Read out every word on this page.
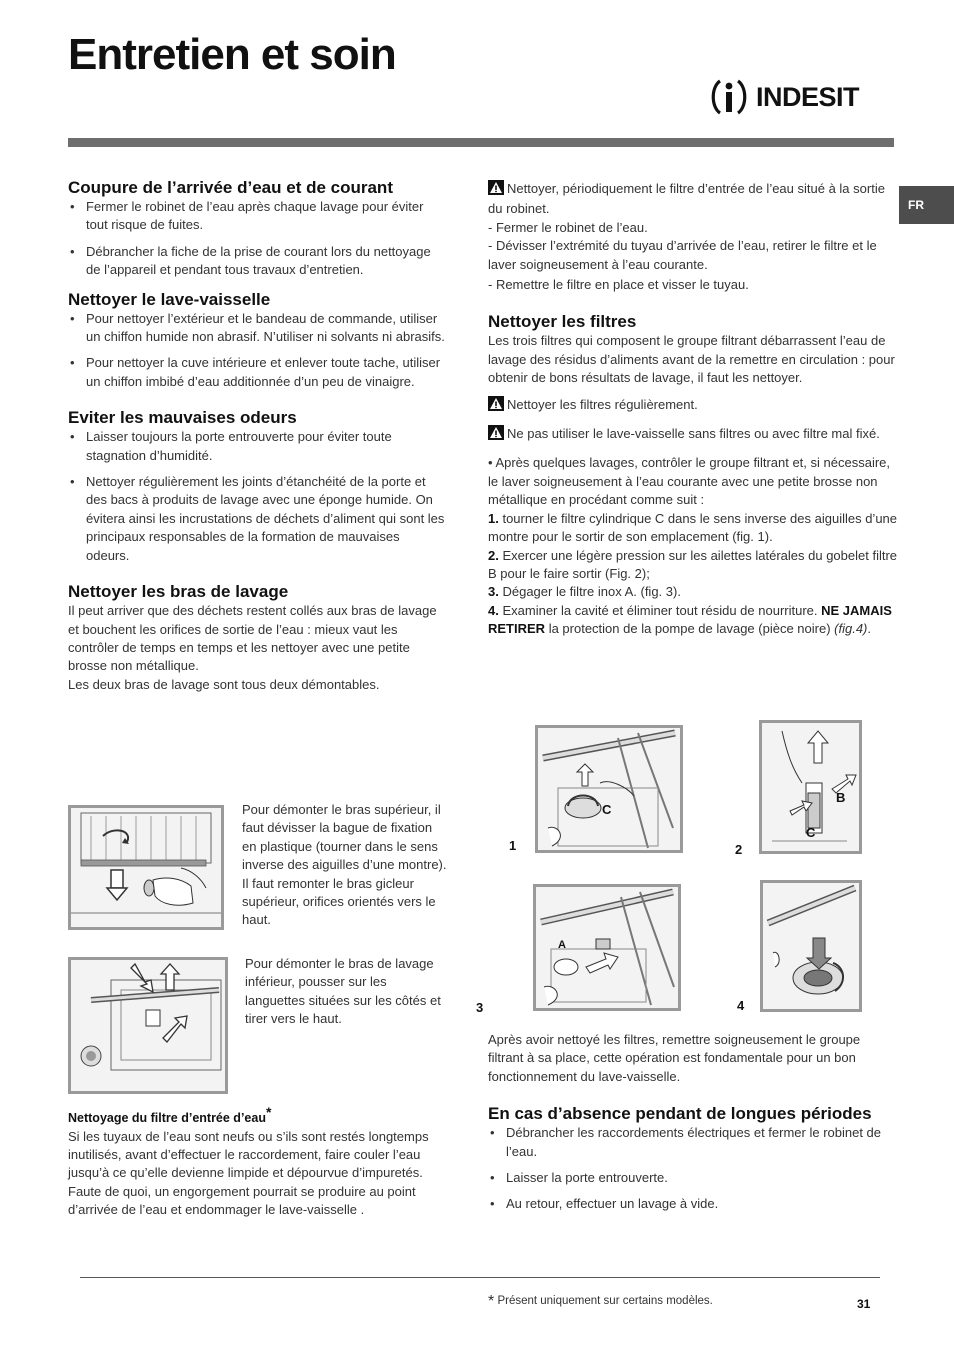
Entretien et soin
INDESIT
FR
Coupure de l’arrivée d’eau et de courant
• Fermer le robinet de l’eau après chaque lavage pour éviter tout risque de fuites.
• Débrancher la fiche de la prise de courant lors du nettoyage de l’appareil et pendant tous travaux d’entretien.
Nettoyer le lave-vaisselle
• Pour nettoyer l’extérieur et le bandeau de commande, utiliser un chiffon humide non abrasif. N’utiliser ni solvants ni abrasifs.
• Pour nettoyer la cuve intérieure et enlever toute tache, utiliser un chiffon imbibé d’eau additionnée d’un peu de vinaigre.
Eviter les mauvaises odeurs
• Laisser toujours la porte entrouverte pour éviter toute stagnation d’humidité.
• Nettoyer régulièrement les joints d’étanchéité de la porte et des bacs à produits de lavage avec une éponge humide. On évitera ainsi les incrustations de déchets d’aliment qui sont les principaux responsables de la formation de mauvaises odeurs.
Nettoyer les bras de lavage
Il peut arriver que des déchets restent collés aux bras de lavage et bouchent les orifices de sortie de l’eau : mieux vaut les contrôler de temps en temps et les nettoyer avec une petite brosse non métallique.
Les deux bras de lavage sont tous deux démontables.
Pour démonter le bras supérieur, il faut dévisser la bague de fixation en plastique (tourner dans le sens inverse des aiguilles d’une montre). Il faut remonter le bras gicleur supérieur, orifices orientés vers le haut.
Pour démonter le bras de lavage inférieur, pousser sur les languettes situées sur les côtés et tirer vers le haut.
Nettoyage du filtre d’entrée d’eau*
Si les tuyaux de l’eau sont neufs ou s’ils sont restés longtemps inutilisés, avant d’effectuer le raccordement, faire couler l’eau jusqu’à ce qu’elle devienne limpide et dépourvue d’impuretés. Faute de quoi, un engorgement pourrait se produire au point d’arrivée de l’eau et endommager le lave-vaisselle .
Nettoyer, périodiquement le filtre d’entrée de l’eau situé à la sortie du robinet.
- Fermer le robinet de l’eau.
- Dévisser l’extrémité du tuyau d’arrivée de l’eau, retirer le filtre et le laver soigneusement à l’eau courante.
- Remettre le filtre en place et visser le tuyau.
Nettoyer les filtres
Les trois filtres qui composent le groupe filtrant débarrassent l’eau de lavage des résidus d’aliments avant de la remettre en circulation : pour obtenir de bons résultats de lavage, il faut les nettoyer.
Nettoyer les filtres régulièrement.
Ne pas utiliser le lave-vaisselle sans filtres ou avec filtre mal fixé.
• Après quelques lavages, contrôler le groupe filtrant et, si nécessaire, le laver soigneusement à l’eau courante avec une petite brosse non métallique en procédant comme suit :
1. tourner le filtre cylindrique C dans le sens inverse des aiguilles d’une montre pour le sortir de son emplacement (fig. 1).
2. Exercer une légère pression sur les ailettes latérales du gobelet filtre B pour le faire sortir (Fig. 2);
3. Dégager le filtre inox A. (fig. 3).
4. Examiner la cavité et éliminer tout résidu de nourriture. NE JAMAIS RETIRER la protection de la pompe de lavage (pièce noire) (fig.4).
C
1
B
C
2
A
3	4
Après avoir nettoyé les filtres, remettre soigneusement le groupe filtrant à sa place, cette opération est fondamentale pour un bon fonctionnement du lave-vaisselle.
En cas d’absence pendant de longues périodes
• Débrancher les raccordements électriques et fermer le robinet de l’eau.
• Laisser la porte entrouverte.
• Au retour, effectuer un lavage à vide.
* Présent uniquement sur certains modèles.	31
